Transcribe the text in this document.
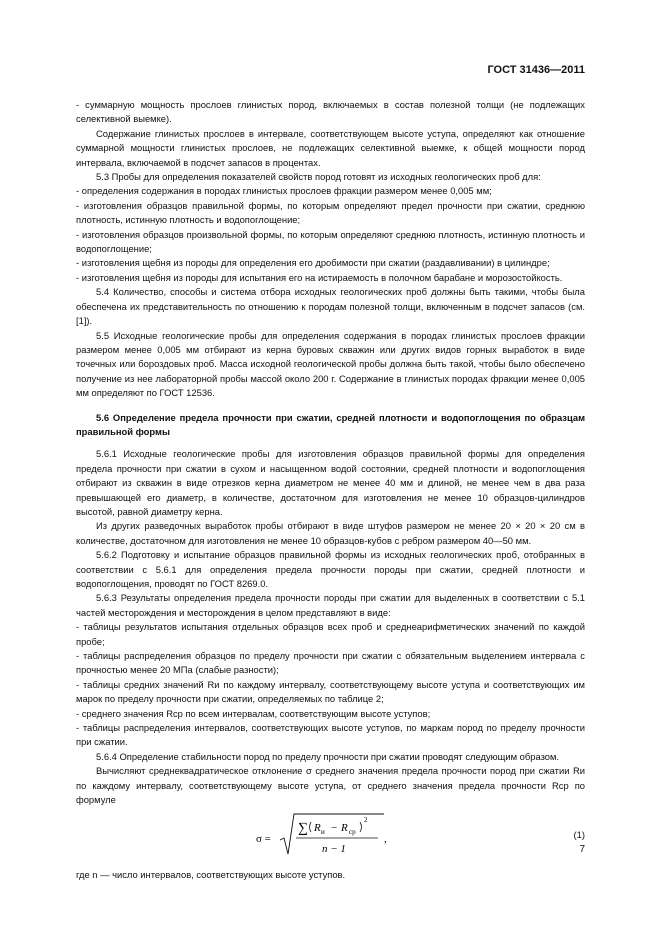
ГОСТ 31436—2011

- суммарную мощность прослоев глинистых пород, включаемых в состав полезной толщи (не подлежащих селективной выемке).

Содержание глинистых прослоев в интервале, соответствующем высоте уступа, определяют как отношение суммарной мощности глинистых прослоев, не подлежащих селективной выемке, к общей мощности пород интервала, включаемой в подсчет запасов в процентах.

5.3 Пробы для определения показателей свойств пород готовят из исходных геологических проб для:

- определения содержания в породах глинистых прослоев фракции размером менее 0,005 мм;

- изготовления образцов правильной формы, по которым определяют предел прочности при сжатии, среднюю плотность, истинную плотность и водопоглощение;

- изготовления образцов произвольной формы, по которым определяют среднюю плотность, истинную плотность и водопоглощение;

- изготовления щебня из породы для определения его дробимости при сжатии (раздавливании) в цилиндре;

- изготовления щебня из породы для испытания его на истираемость в полочном барабане и морозостойкость.

5.4 Количество, способы и система отбора исходных геологических проб должны быть такими, чтобы была обеспечена их представительность по отношению к породам полезной толщи, включенным в подсчет запасов (см. [1]).

5.5 Исходные геологические пробы для определения содержания в породах глинистых прослоев фракции размером менее 0,005 мм отбирают из керна буровых скважин или других видов горных выработок в виде точечных или бороздовых проб. Масса исходной геологической пробы должна быть такой, чтобы было обеспечено получение из нее лабораторной пробы массой около 200 г. Содержание в глинистых породах фракции менее 0,005 мм определяют по ГОСТ 12536.

5.6 Определение предела прочности при сжатии, средней плотности и водопоглощения по образцам правильной формы

5.6.1 Исходные геологические пробы для изготовления образцов правильной формы для определения предела прочности при сжатии в сухом и насыщенном водой состоянии, средней плотности и водопоглощения отбирают из скважин в виде отрезков керна диаметром не менее 40 мм и длиной, не менее чем в два раза превышающей его диаметр, в количестве, достаточном для изготовления не менее 10 образцов-цилиндров высотой, равной диаметру керна.

Из других разведочных выработок пробы отбирают в виде штуфов размером не менее 20 × 20 × 20 см в количестве, достаточном для изготовления не менее 10 образцов-кубов с ребром размером 40—50 мм.

5.6.2 Подготовку и испытание образцов правильной формы из исходных геологических проб, отобранных в соответствии с 5.6.1 для определения предела прочности породы при сжатии, средней плотности и водопоглощения, проводят по ГОСТ 8269.0.

5.6.3 Результаты определения предела прочности породы при сжатии для выделенных в соответствии с 5.1 частей месторождения и месторождения в целом представляют в виде:

- таблицы результатов испытания отдельных образцов всех проб и среднеарифметических значений по каждой пробе;

- таблицы распределения образцов по пределу прочности при сжатии с обязательным выделением интервала с прочностью менее 20 МПа (слабые разности);

- таблицы средних значений Rи по каждому интервалу, соответствующему высоте уступа и соответствующих им марок по пределу прочности при сжатии, определяемых по таблице 2;

- среднего значения Rср по всем интервалам, соответствующим высоте уступов;

- таблицы распределения интервалов, соответствующих высоте уступов, по маркам пород по пределу прочности при сжатии.

5.6.4 Определение стабильности пород по пределу прочности при сжатии проводят следующим образом.

Вычисляют среднеквадратическое отклонение σ среднего значения предела прочности пород при сжатии Rи по каждому интервалу, соответствующему высоте уступа, от среднего значения предела прочности Rср по формуле

σ =
∑ R и − R ср
2
n − 1
,	(1)

где n — число интервалов, соответствующих высоте уступов.

7
